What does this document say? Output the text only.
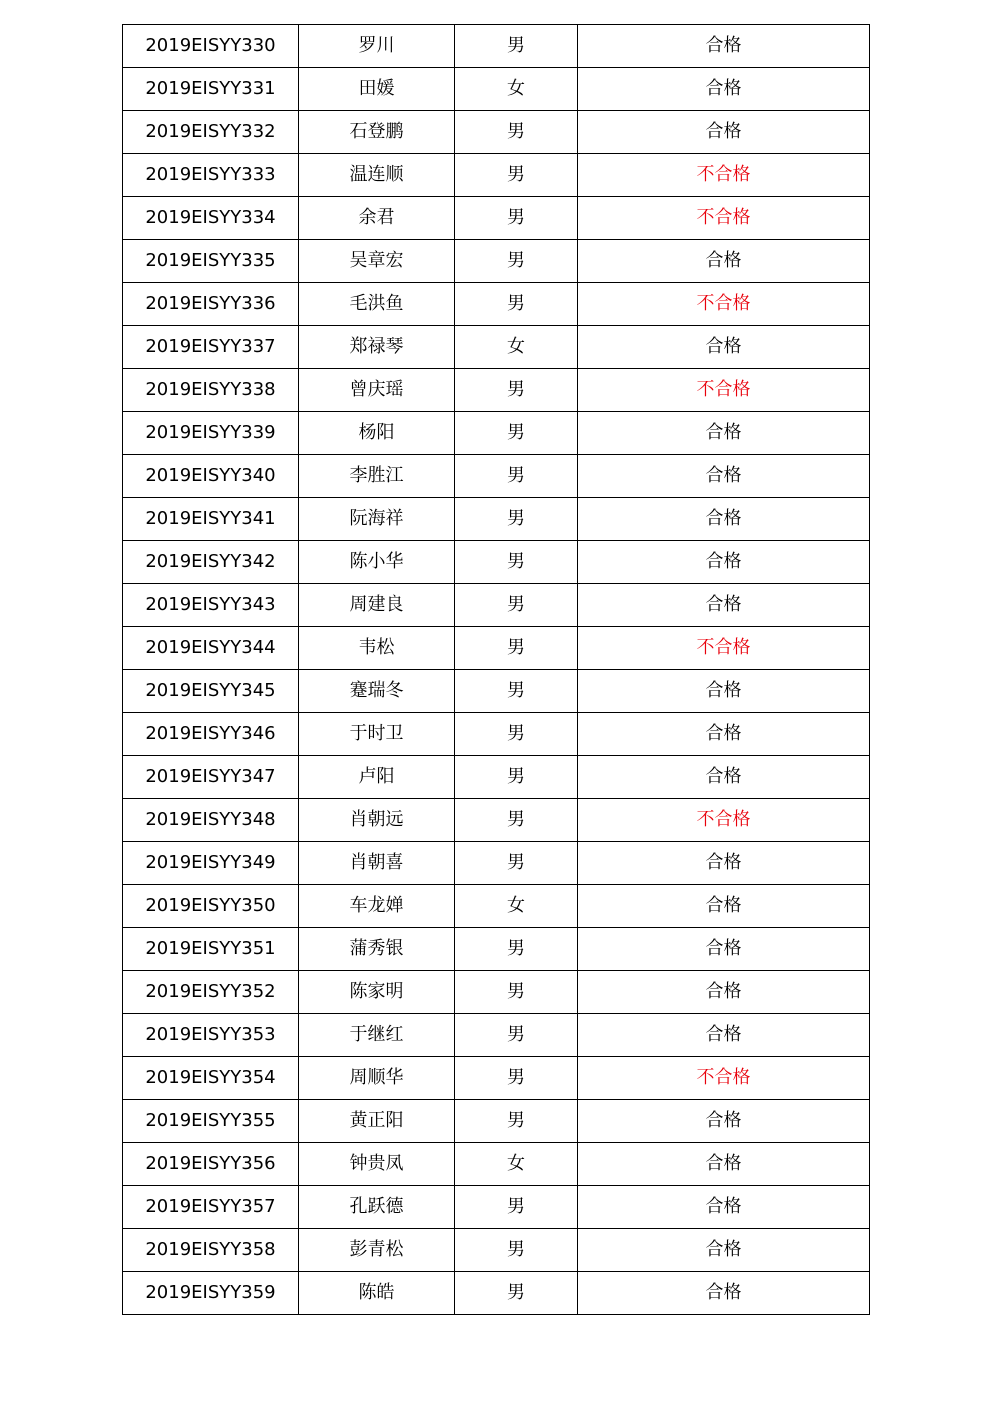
2019EISYY330	罗川	男	合格
2019EISYY331	田媛	女	合格
2019EISYY332	石登鹏	男	合格
2019EISYY333	温连顺	男	不合格
2019EISYY334	余君	男	不合格
2019EISYY335	吴章宏	男	合格
2019EISYY336	毛洪鱼	男	不合格
2019EISYY337	郑禄琴	女	合格
2019EISYY338	曾庆瑶	男	不合格
2019EISYY339	杨阳	男	合格
2019EISYY340	李胜江	男	合格
2019EISYY341	阮海祥	男	合格
2019EISYY342	陈小华	男	合格
2019EISYY343	周建良	男	合格
2019EISYY344	韦松	男	不合格
2019EISYY345	蹇瑞冬	男	合格
2019EISYY346	于时卫	男	合格
2019EISYY347	卢阳	男	合格
2019EISYY348	肖朝远	男	不合格
2019EISYY349	肖朝喜	男	合格
2019EISYY350	车龙婵	女	合格
2019EISYY351	蒲秀银	男	合格
2019EISYY352	陈家明	男	合格
2019EISYY353	于继红	男	合格
2019EISYY354	周顺华	男	不合格
2019EISYY355	黄正阳	男	合格
2019EISYY356	钟贵凤	女	合格
2019EISYY357	孔跃德	男	合格
2019EISYY358	彭青松	男	合格
2019EISYY359	陈皓	男	合格
